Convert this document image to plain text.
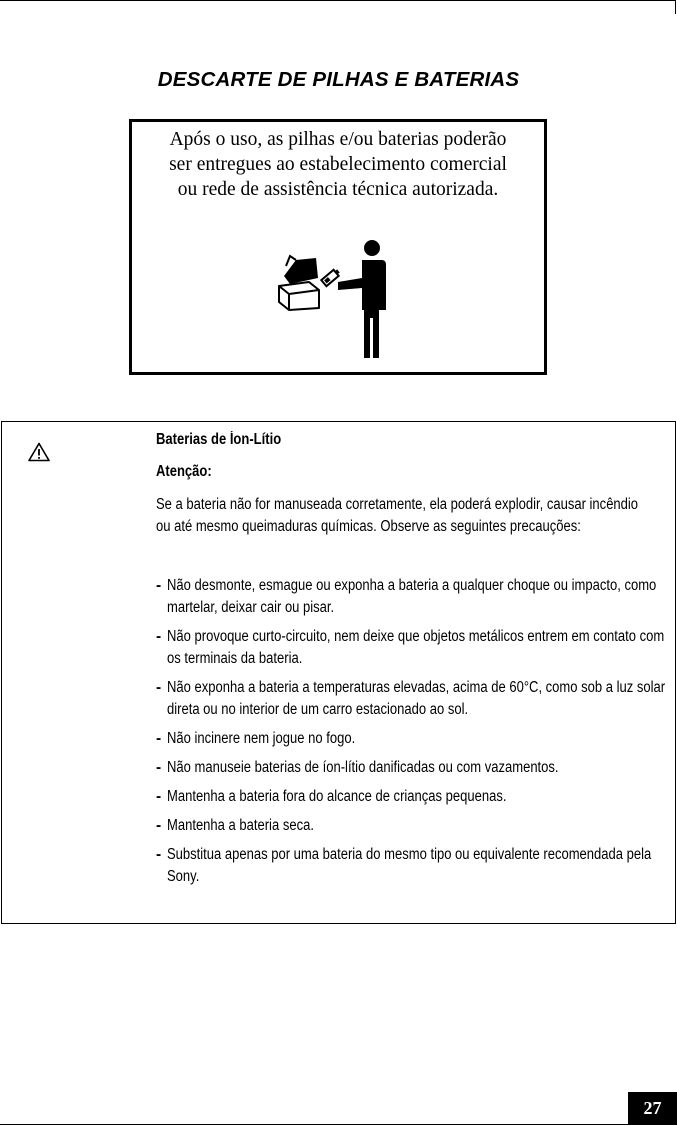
DESCARTE DE PILHAS E BATERIAS
Após o uso, as pilhas e/ou baterias poderão
ser entregues ao estabelecimento comercial
ou rede de assistência técnica autorizada.
Baterias de Íon-Lítio
Atenção:
Se a bateria não for manuseada corretamente, ela poderá explodir, causar incêndio ou até mesmo queimaduras químicas. Observe as seguintes precauções:
- Não desmonte, esmague ou exponha a bateria a qualquer choque ou impacto, como martelar, deixar cair ou pisar.
- Não provoque curto-circuito, nem deixe que objetos metálicos entrem em contato com os terminais da bateria.
- Não exponha a bateria a temperaturas elevadas, acima de 60°C, como sob a luz solar direta ou no interior de um carro estacionado ao sol.
- Não incinere nem jogue no fogo.
- Não manuseie baterias de íon-lítio danificadas ou com vazamentos.
- Mantenha a bateria fora do alcance de crianças pequenas.
- Mantenha a bateria seca.
- Substitua apenas por uma bateria do mesmo tipo ou equivalente recomendada pela Sony.
27
